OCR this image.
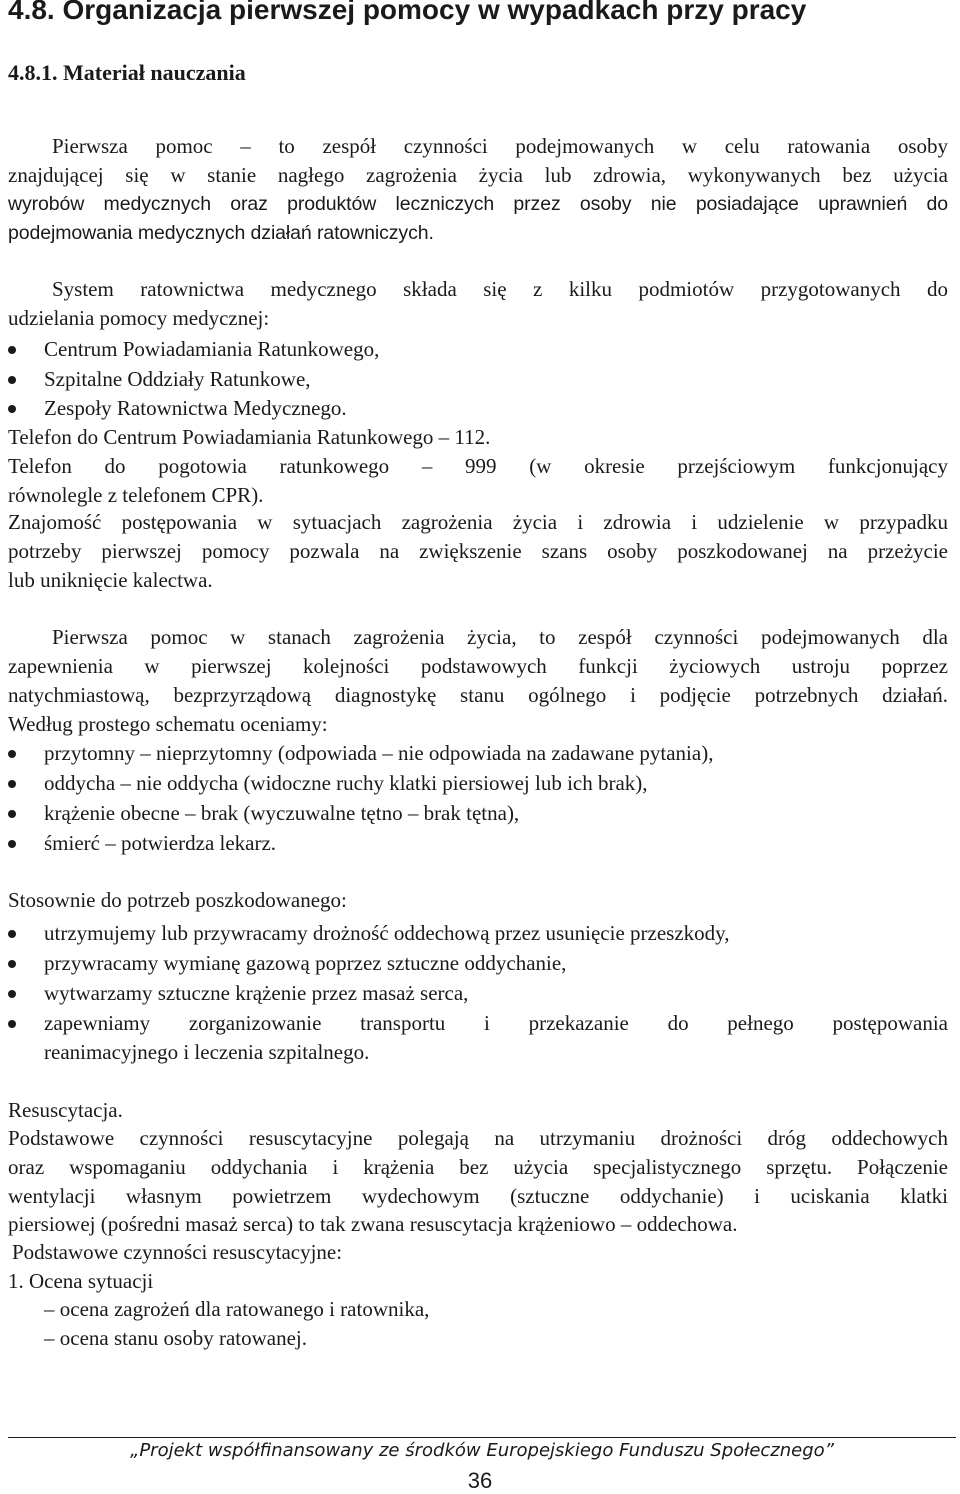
4.8. Organizacja pierwszej pomocy w wypadkach przy pracy
4.8.1. Materiał nauczania

Pierwsza pomoc – to zespół czynności podejmowanych w celu ratowania osoby

znajdującej się w stanie nagłego zagrożenia życia lub zdrowia, wykonywanych bez użycia

wyrobów medycznych oraz produktów leczniczych przez osoby nie posiadające uprawnień do

podejmowania medycznych działań ratowniczych.

System ratownictwa medycznego składa się z kilku podmiotów przygotowanych do

udzielania pomocy medycznej:

Centrum Powiadamiania Ratunkowego,

Szpitalne Oddziały Ratunkowe,

Zespoły Ratownictwa Medycznego.

Telefon do Centrum Powiadamiania Ratunkowego – 112.

Telefon do pogotowia ratunkowego – 999 (w okresie przejściowym funkcjonujący

równolegle z telefonem CPR).

Znajomość postępowania w sytuacjach zagrożenia życia i zdrowia i udzielenie w przypadku

potrzeby pierwszej pomocy pozwala na zwiększenie szans osoby poszkodowanej na przeżycie

lub uniknięcie kalectwa.

Pierwsza pomoc w stanach zagrożenia życia, to zespół czynności podejmowanych dla

zapewnienia w pierwszej kolejności podstawowych funkcji życiowych ustroju poprzez

natychmiastową, bezprzyrządową diagnostykę stanu ogólnego i podjęcie potrzebnych działań.

Według prostego schematu oceniamy:

przytomny – nieprzytomny (odpowiada – nie odpowiada na zadawane pytania),

oddycha – nie oddycha (widoczne ruchy klatki piersiowej lub ich brak),

krążenie obecne – brak (wyczuwalne tętno – brak tętna),

śmierć – potwierdza lekarz.

Stosownie do potrzeb poszkodowanego:

utrzymujemy lub przywracamy drożność oddechową przez usunięcie przeszkody,

przywracamy wymianę gazową poprzez sztuczne oddychanie,

wytwarzamy sztuczne krążenie przez masaż serca,

zapewniamy zorganizowanie transportu i przekazanie do pełnego postępowania

reanimacyjnego i leczenia szpitalnego.

Resuscytacja.

Podstawowe czynności resuscytacyjne polegają na utrzymaniu drożności dróg oddechowych

oraz wspomaganiu oddychania i krążenia bez użycia specjalistycznego sprzętu. Połączenie

wentylacji własnym powietrzem wydechowym (sztuczne oddychanie) i uciskania klatki

piersiowej (pośredni masaż serca) to tak zwana resuscytacja krążeniowo – oddechowa.

Podstawowe czynności resuscytacyjne:

1. Ocena sytuacji

– ocena zagrożeń dla ratowanego i ratownika,

– ocena stanu osoby ratowanej.

„Projekt współfinansowany ze środków Europejskiego Funduszu Społecznego”
36
